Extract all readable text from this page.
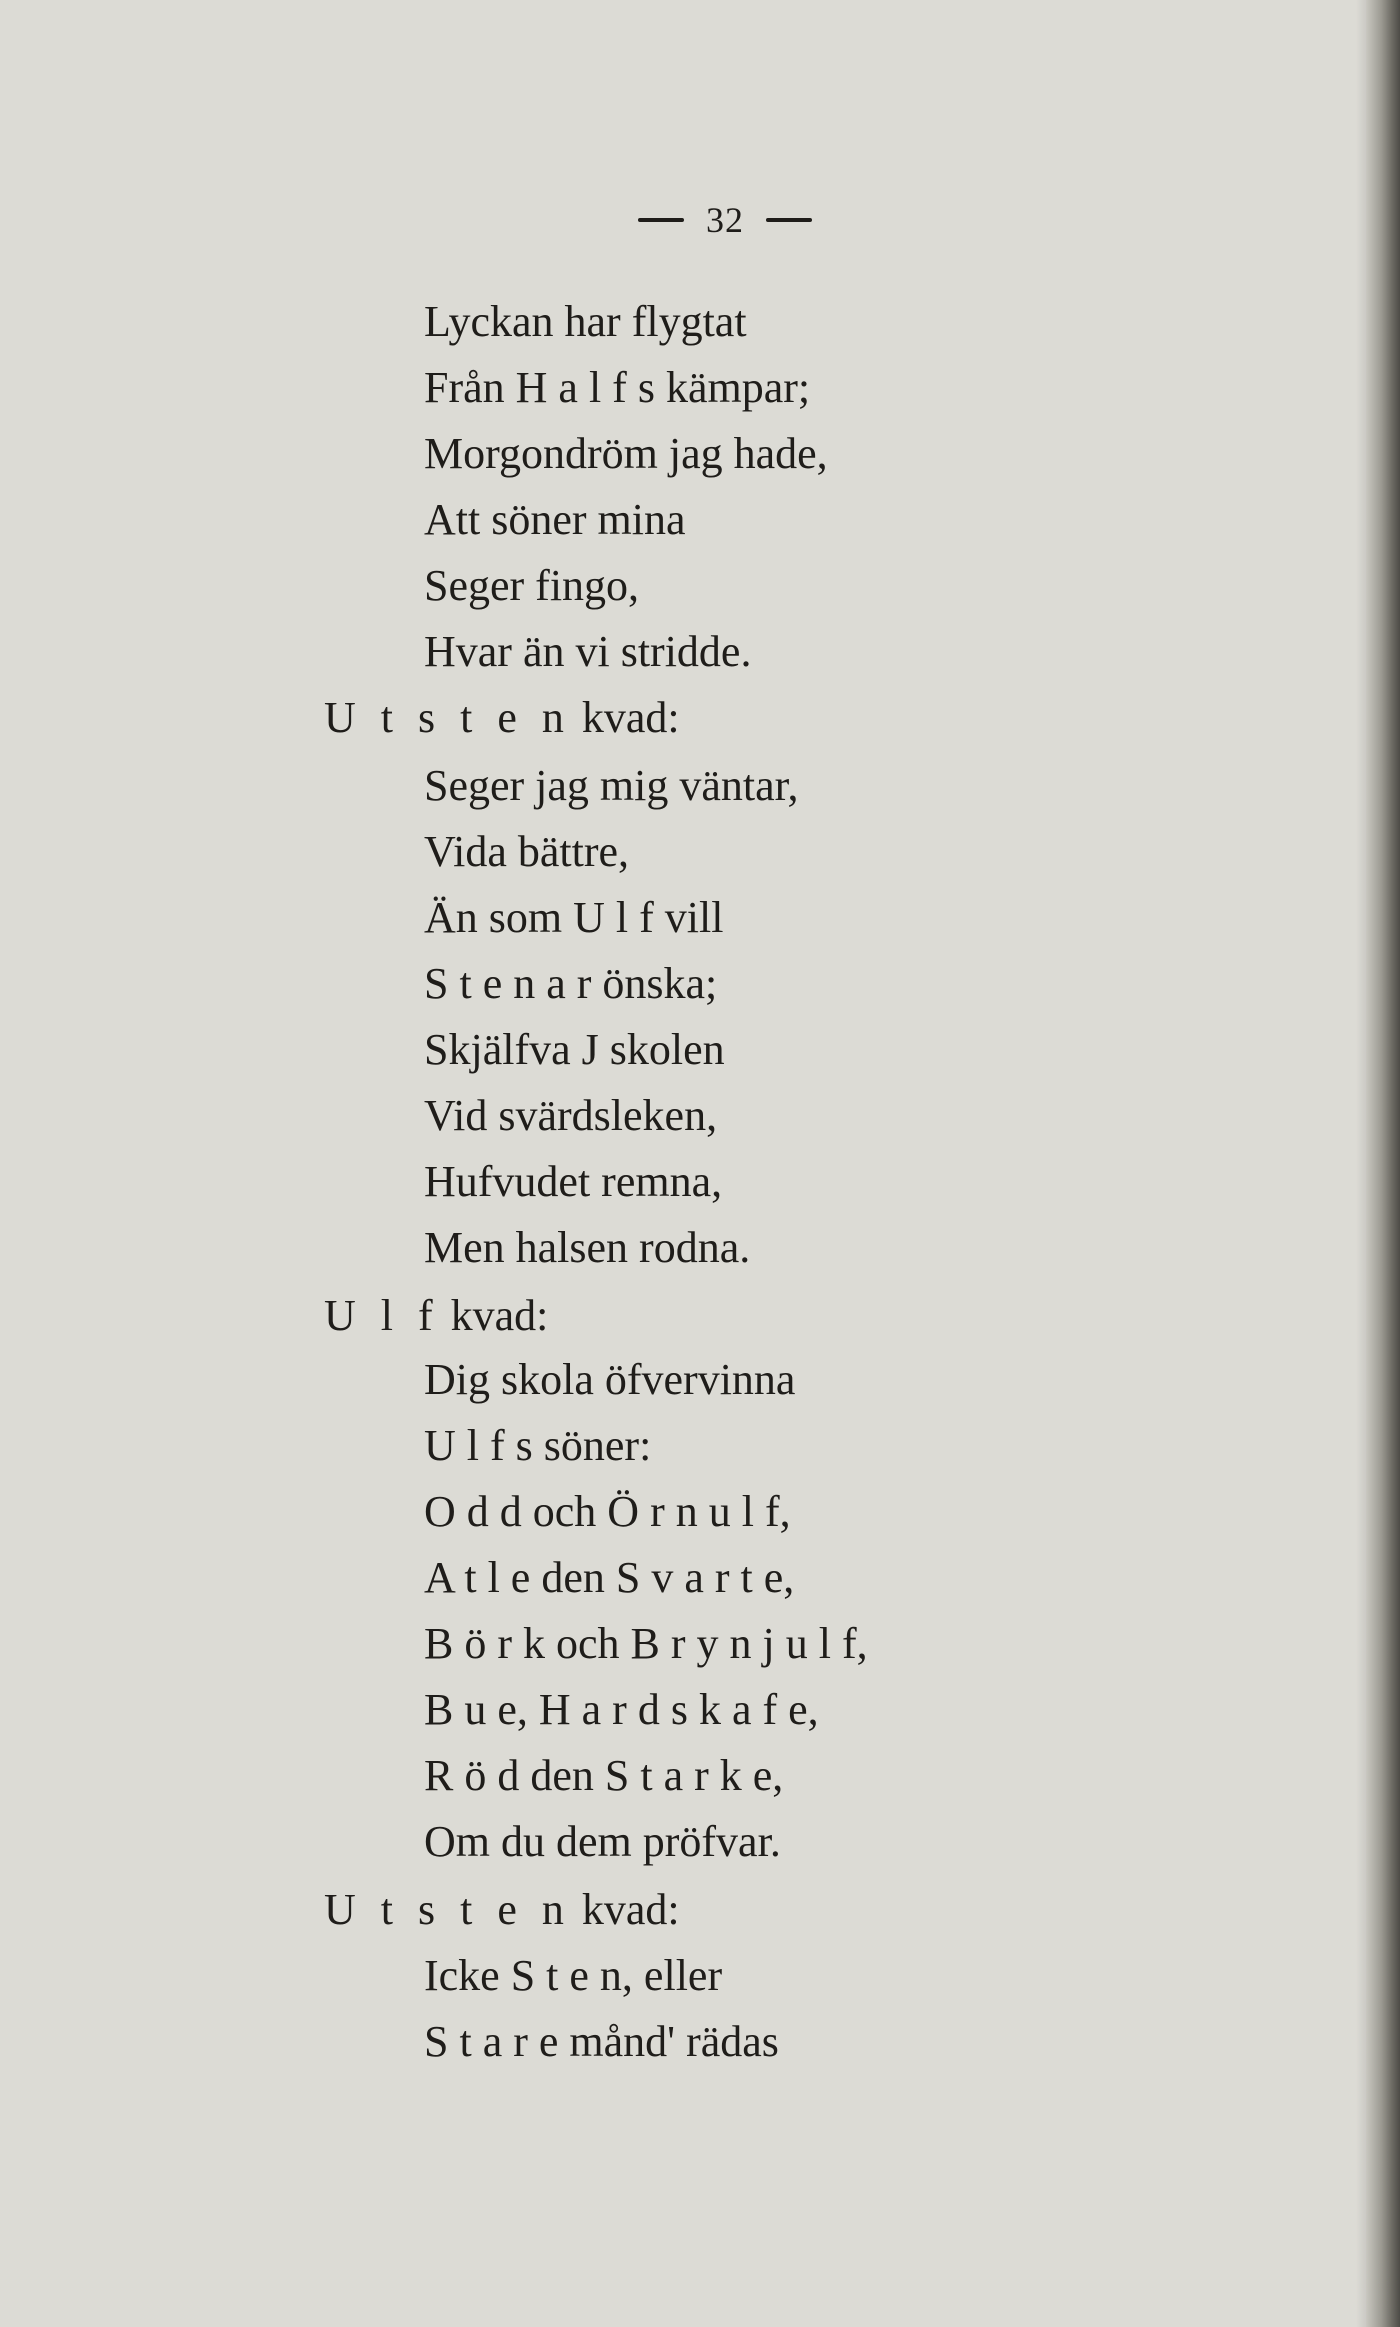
32
Lyckan har flygtat
Från H a l f s kämpar;
Morgondröm jag hade,
Att söner mina
Seger fingo,
Hvar än vi stridde.
U t s t e n kvad:
Seger jag mig väntar,
Vida bättre,
Än som U l f vill
S t e n a r önska;
Skjälfva J skolen
Vid svärdsleken,
Hufvudet remna,
Men halsen rodna.
U l f kvad:
Dig skola öfvervinna
U l f s söner:
O d d och Ö r n u l f,
A t l e den S v a r t e,
B ö r k och B r y n j u l f,
B u e, H a r d s k a f e,
R ö d den S t a r k e,
Om du dem pröfvar.
U t s t e n kvad:
Icke S t e n, eller
S t a r e månd' rädas
